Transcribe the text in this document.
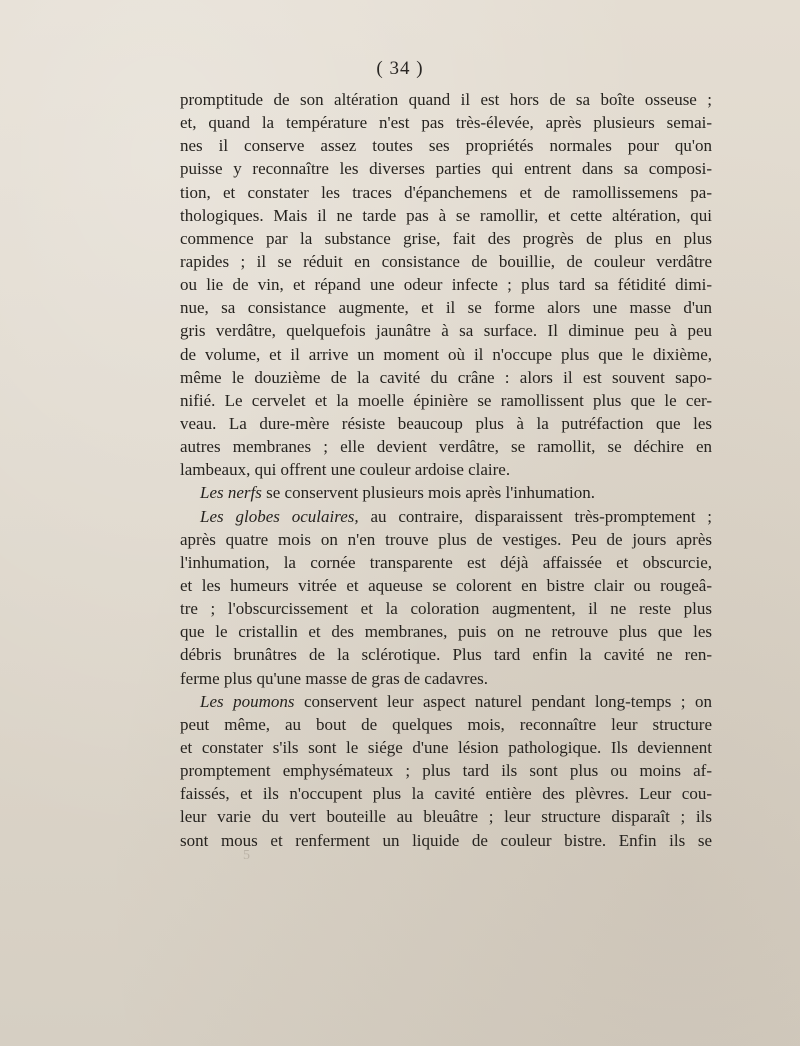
( 34 )
promptitude de son altération quand il est hors de sa boîte osseuse ;
et, quand la température n'est pas très-élevée, après plusieurs semai-
nes il conserve assez toutes ses propriétés normales pour qu'on
puisse y reconnaître les diverses parties qui entrent dans sa composi-
tion, et constater les traces d'épanchemens et de ramollissemens pa-
thologiques. Mais il ne tarde pas à se ramollir, et cette altération, qui
commence par la substance grise, fait des progrès de plus en plus
rapides ; il se réduit en consistance de bouillie, de couleur verdâtre
ou lie de vin, et répand une odeur infecte ; plus tard sa fétidité dimi-
nue, sa consistance augmente, et il se forme alors une masse d'un
gris verdâtre, quelquefois jaunâtre à sa surface. Il diminue peu à peu
de volume, et il arrive un moment où il n'occupe plus que le dixième,
même le douzième de la cavité du crâne : alors il est souvent sapo-
nifié. Le cervelet et la moelle épinière se ramollissent plus que le cer-
veau. La dure-mère résiste beaucoup plus à la putréfaction que les
autres membranes ; elle devient verdâtre, se ramollit, se déchire en
lambeaux, qui offrent une couleur ardoise claire.
Les nerfs se conservent plusieurs mois après l'inhumation.
Les globes oculaires, au contraire, disparaissent très-promptement ;
après quatre mois on n'en trouve plus de vestiges. Peu de jours après
l'inhumation, la cornée transparente est déjà affaissée et obscurcie,
et les humeurs vitrée et aqueuse se colorent en bistre clair ou rougeâ-
tre ; l'obscurcissement et la coloration augmentent, il ne reste plus
que le cristallin et des membranes, puis on ne retrouve plus que les
débris brunâtres de la sclérotique. Plus tard enfin la cavité ne ren-
ferme plus qu'une masse de gras de cadavres.
Les poumons conservent leur aspect naturel pendant long-temps ; on
peut même, au bout de quelques mois, reconnaître leur structure
et constater s'ils sont le siége d'une lésion pathologique. Ils deviennent
promptement emphysémateux ; plus tard ils sont plus ou moins af-
faissés, et ils n'occupent plus la cavité entière des plèvres. Leur cou-
leur varie du vert bouteille au bleuâtre ; leur structure disparaît ; ils
sont mous et renferment un liquide de couleur bistre. Enfin ils se
5
